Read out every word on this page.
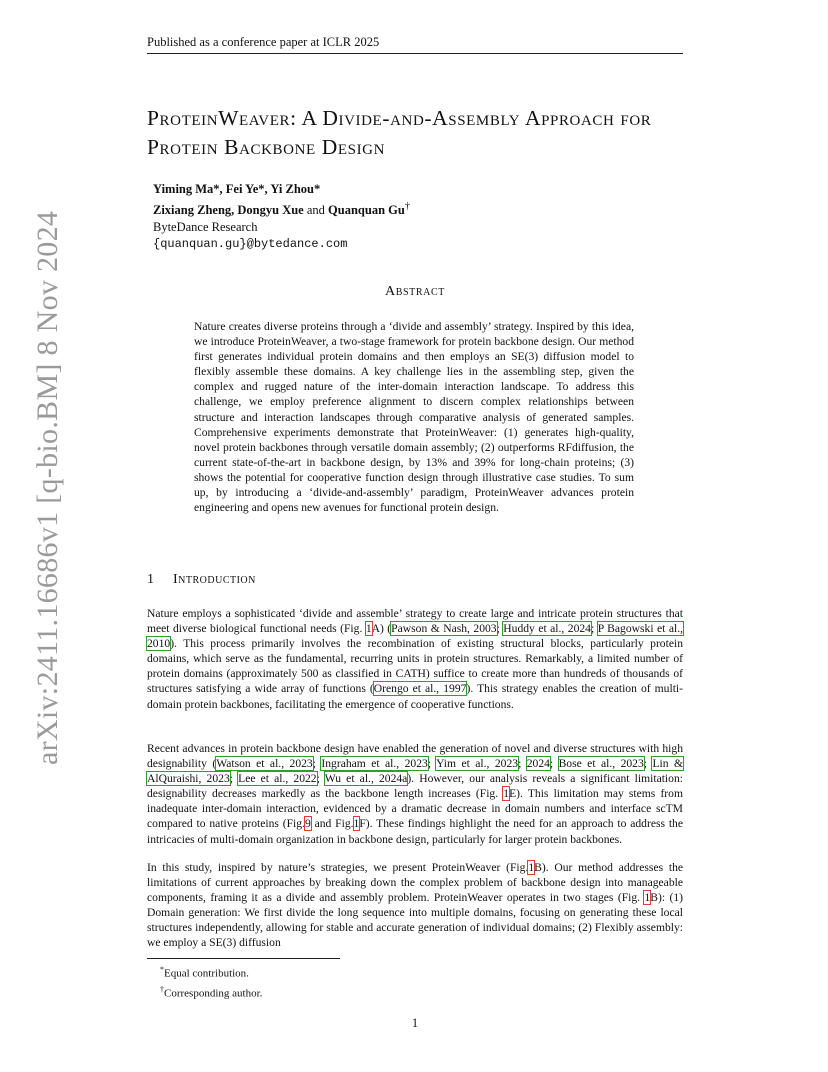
Published as a conference paper at ICLR 2025
arXiv:2411.16686v1 [q-bio.BM] 8 Nov 2024
ProteinWeaver: A Divide-and-Assembly Approach for Protein Backbone Design
Yiming Ma*, Fei Ye*, Yi Zhou*
Zixiang Zheng, Dongyu Xue and Quanquan Gu†
ByteDance Research
{quanquan.gu}@bytedance.com
Abstract
Nature creates diverse proteins through a ‘divide and assembly’ strategy. Inspired by this idea, we introduce ProteinWeaver, a two-stage framework for protein backbone design. Our method first generates individual protein domains and then employs an SE(3) diffusion model to flexibly assemble these domains. A key challenge lies in the assembling step, given the complex and rugged nature of the inter-domain interaction landscape. To address this challenge, we employ preference alignment to discern complex relationships between structure and interaction landscapes through comparative analysis of generated samples. Comprehensive experiments demonstrate that ProteinWeaver: (1) generates high-quality, novel protein backbones through versatile domain assembly; (2) outperforms RFdiffusion, the current state-of-the-art in backbone design, by 13% and 39% for long-chain proteins; (3) shows the potential for cooperative function design through illustrative case studies. To sum up, by introducing a ‘divide-and-assembly’ paradigm, ProteinWeaver advances protein engineering and opens new avenues for functional protein design.
1 Introduction
Nature employs a sophisticated ‘divide and assemble’ strategy to create large and intricate protein structures that meet diverse biological functional needs (Fig. 1A) (Pawson & Nash, 2003; Huddy et al., 2024; P Bagowski et al., 2010). This process primarily involves the recombination of existing structural blocks, particularly protein domains, which serve as the fundamental, recurring units in protein structures. Remarkably, a limited number of protein domains (approximately 500 as classified in CATH) suffice to create more than hundreds of thousands of structures satisfying a wide array of functions (Orengo et al., 1997). This strategy enables the creation of multi-domain protein backbones, facilitating the emergence of cooperative functions.
Recent advances in protein backbone design have enabled the generation of novel and diverse structures with high designability (Watson et al., 2023; Ingraham et al., 2023; Yim et al., 2023; 2024; Bose et al., 2023; Lin & AlQuraishi, 2023; Lee et al., 2022; Wu et al., 2024a). However, our analysis reveals a significant limitation: designability decreases markedly as the backbone length increases (Fig. 1E). This limitation may stems from inadequate inter-domain interaction, evidenced by a dramatic decrease in domain numbers and interface scTM compared to native proteins (Fig.9 and Fig.1F). These findings highlight the need for an approach to address the intricacies of multi-domain organization in backbone design, particularly for larger protein backbones.
In this study, inspired by nature’s strategies, we present ProteinWeaver (Fig.1B). Our method addresses the limitations of current approaches by breaking down the complex problem of backbone design into manageable components, framing it as a divide and assembly problem. ProteinWeaver operates in two stages (Fig. 1B): (1) Domain generation: We first divide the long sequence into multiple domains, focusing on generating these local structures independently, allowing for stable and accurate generation of individual domains; (2) Flexibly assembly: we employ a SE(3) diffusion
*Equal contribution.
†Corresponding author.
1
